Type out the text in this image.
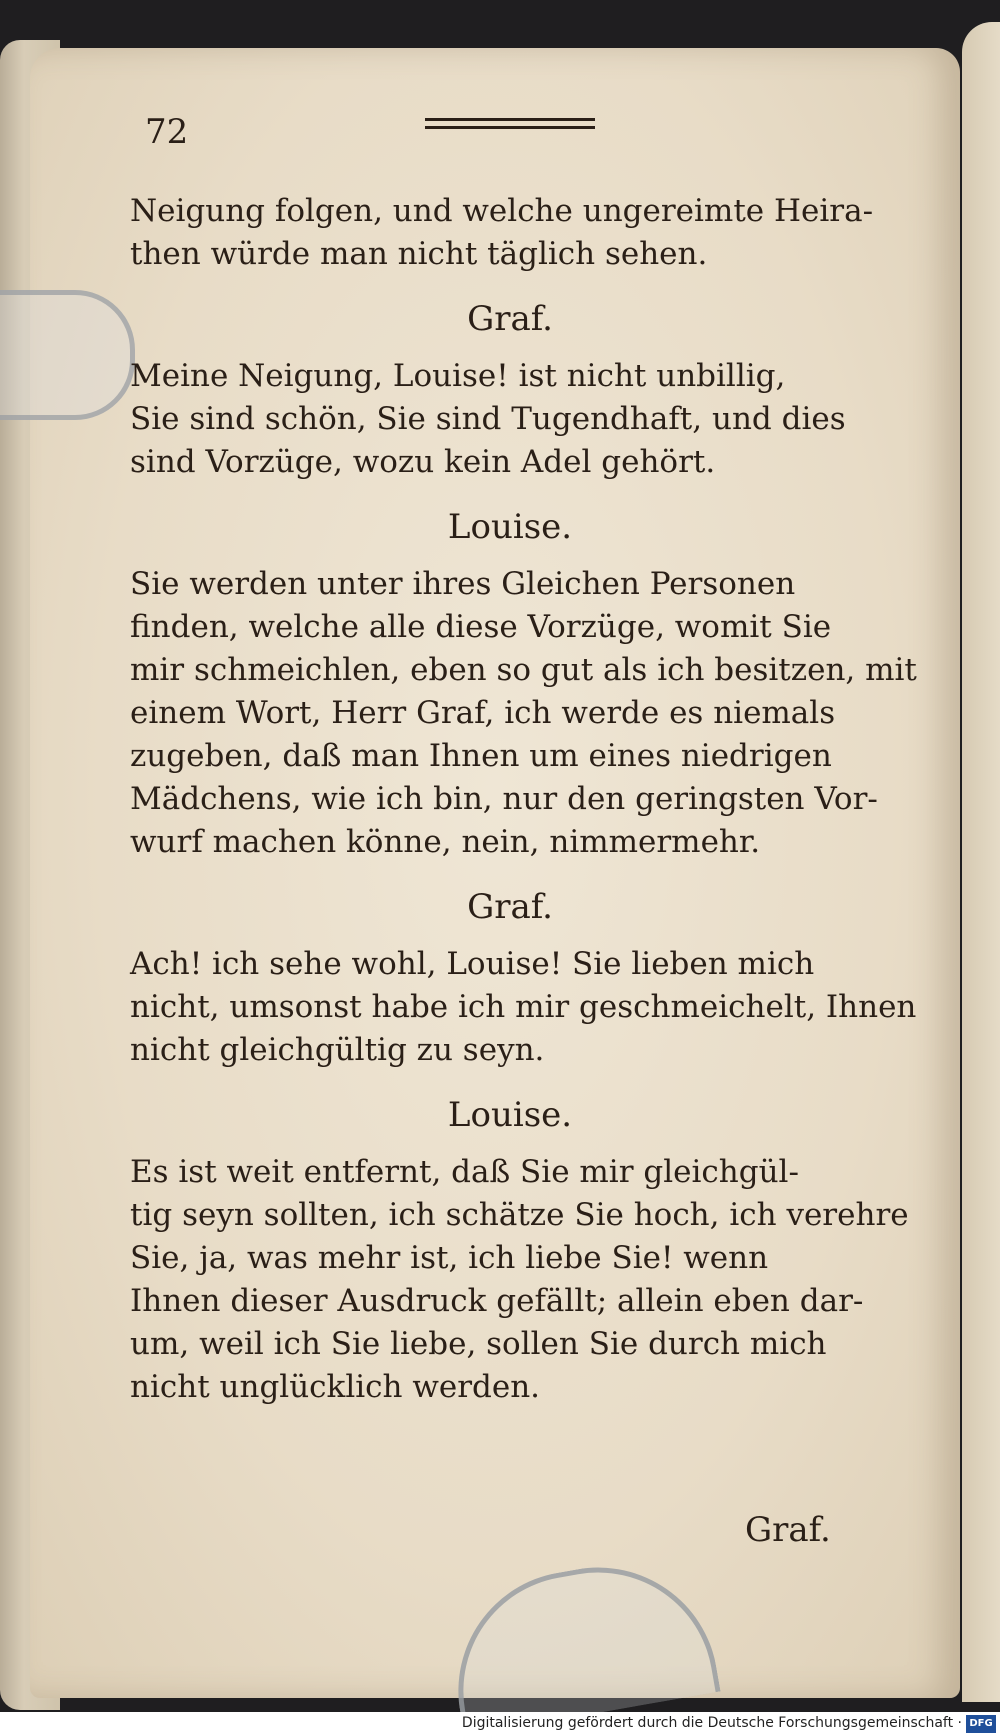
72
Neigung folgen, und welche ungereimte Heira-
then würde man nicht täglich sehen.
Graf.
Meine Neigung, Louise! ist nicht unbillig,
Sie sind schön, Sie sind Tugendhaft, und dies
sind Vorzüge, wozu kein Adel gehört.
Louise.
Sie werden unter ihres Gleichen Personen
finden, welche alle diese Vorzüge, womit Sie
mir schmeichlen, eben so gut als ich besitzen, mit
einem Wort, Herr Graf, ich werde es niemals
zugeben, daß man Ihnen um eines niedrigen
Mädchens, wie ich bin, nur den geringsten Vor-
wurf machen könne, nein, nimmermehr.
Graf.
Ach! ich sehe wohl, Louise! Sie lieben mich
nicht, umsonst habe ich mir geschmeichelt, Ihnen
nicht gleichgültig zu seyn.
Louise.
Es ist weit entfernt, daß Sie mir gleichgül-
tig seyn sollten, ich schätze Sie hoch, ich verehre
Sie, ja, was mehr ist, ich liebe Sie! wenn
Ihnen dieser Ausdruck gefällt; allein eben dar-
um, weil ich Sie liebe, sollen Sie durch mich
nicht unglücklich werden.
Graf.
Digitalisierung gefördert durch die Deutsche Forschungsgemeinschaft · DFG
